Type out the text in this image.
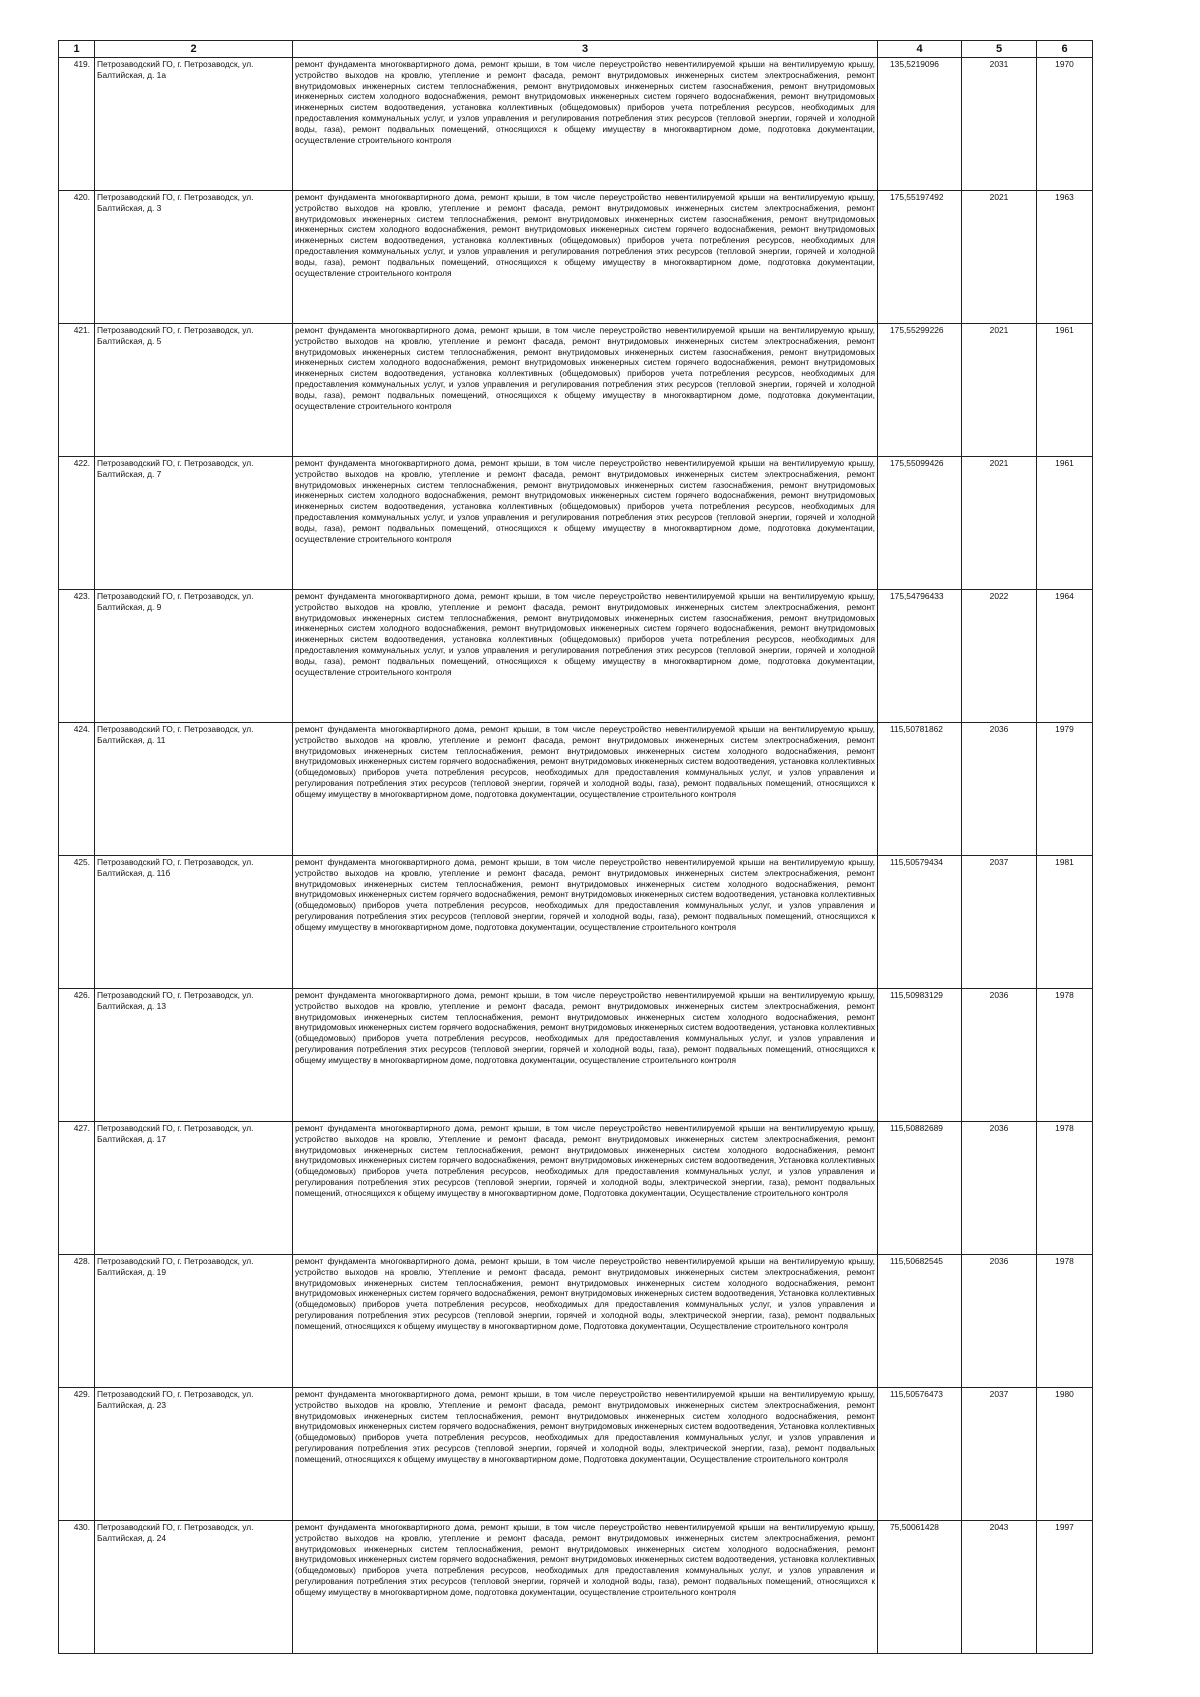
1	2	3	4	5	6
419.	Петрозаводский ГО, г. Петрозаводск, ул. Балтийская, д. 1а	ремонт фундамента многоквартирного дома, ремонт крыши, в том числе переустройство невентилируемой крыши на вентилируемую крышу, устройство выходов на кровлю, утепление и ремонт фасада, ремонт внутридомовых инженерных систем электроснабжения, ремонт внутридомовых инженерных систем теплоснабжения, ремонт внутридомовых инженерных систем газоснабжения, ремонт внутридомовых инженерных систем холодного водоснабжения, ремонт внутридомовых инженерных систем горячего водоснабжения, ремонт внутридомовых инженерных систем водоотведения, установка коллективных (общедомовых) приборов учета потребления ресурсов, необходимых для предоставления коммунальных услуг, и узлов управления и регулирования потребления этих ресурсов (тепловой энергии, горячей и холодной воды, газа), ремонт подвальных помещений, относящихся к общему имуществу в многоквартирном доме, подготовка документации, осуществление строительного контроля	135,5219096	2031	1970
420.	Петрозаводский ГО, г. Петрозаводск, ул. Балтийская, д. 3	ремонт фундамента многоквартирного дома, ремонт крыши, в том числе переустройство невентилируемой крыши на вентилируемую крышу, устройство выходов на кровлю, утепление и ремонт фасада, ремонт внутридомовых инженерных систем электроснабжения, ремонт внутридомовых инженерных систем теплоснабжения, ремонт внутридомовых инженерных систем газоснабжения, ремонт внутридомовых инженерных систем холодного водоснабжения, ремонт внутридомовых инженерных систем горячего водоснабжения, ремонт внутридомовых инженерных систем водоотведения, установка коллективных (общедомовых) приборов учета потребления ресурсов, необходимых для предоставления коммунальных услуг, и узлов управления и регулирования потребления этих ресурсов (тепловой энергии, горячей и холодной воды, газа), ремонт подвальных помещений, относящихся к общему имуществу в многоквартирном доме, подготовка документации, осуществление строительного контроля	175,55197492	2021	1963
421.	Петрозаводский ГО, г. Петрозаводск, ул. Балтийская, д. 5	ремонт фундамента многоквартирного дома, ремонт крыши, в том числе переустройство невентилируемой крыши на вентилируемую крышу, устройство выходов на кровлю, утепление и ремонт фасада, ремонт внутридомовых инженерных систем электроснабжения, ремонт внутридомовых инженерных систем теплоснабжения, ремонт внутридомовых инженерных систем газоснабжения, ремонт внутридомовых инженерных систем холодного водоснабжения, ремонт внутридомовых инженерных систем горячего водоснабжения, ремонт внутридомовых инженерных систем водоотведения, установка коллективных (общедомовых) приборов учета потребления ресурсов, необходимых для предоставления коммунальных услуг, и узлов управления и регулирования потребления этих ресурсов (тепловой энергии, горячей и холодной воды, газа), ремонт подвальных помещений, относящихся к общему имуществу в многоквартирном доме, подготовка документации, осуществление строительного контроля	175,55299226	2021	1961
422.	Петрозаводский ГО, г. Петрозаводск, ул. Балтийская, д. 7	ремонт фундамента многоквартирного дома, ремонт крыши, в том числе переустройство невентилируемой крыши на вентилируемую крышу, устройство выходов на кровлю, утепление и ремонт фасада, ремонт внутридомовых инженерных систем электроснабжения, ремонт внутридомовых инженерных систем теплоснабжения, ремонт внутридомовых инженерных систем газоснабжения, ремонт внутридомовых инженерных систем холодного водоснабжения, ремонт внутридомовых инженерных систем горячего водоснабжения, ремонт внутридомовых инженерных систем водоотведения, установка коллективных (общедомовых) приборов учета потребления ресурсов, необходимых для предоставления коммунальных услуг, и узлов управления и регулирования потребления этих ресурсов (тепловой энергии, горячей и холодной воды, газа), ремонт подвальных помещений, относящихся к общему имуществу в многоквартирном доме, подготовка документации, осуществление строительного контроля	175,55099426	2021	1961
423.	Петрозаводский ГО, г. Петрозаводск, ул. Балтийская, д. 9	ремонт фундамента многоквартирного дома, ремонт крыши, в том числе переустройство невентилируемой крыши на вентилируемую крышу, устройство выходов на кровлю, утепление и ремонт фасада, ремонт внутридомовых инженерных систем электроснабжения, ремонт внутридомовых инженерных систем теплоснабжения, ремонт внутридомовых инженерных систем газоснабжения, ремонт внутридомовых инженерных систем холодного водоснабжения, ремонт внутридомовых инженерных систем горячего водоснабжения, ремонт внутридомовых инженерных систем водоотведения, установка коллективных (общедомовых) приборов учета потребления ресурсов, необходимых для предоставления коммунальных услуг, и узлов управления и регулирования потребления этих ресурсов (тепловой энергии, горячей и холодной воды, газа), ремонт подвальных помещений, относящихся к общему имуществу в многоквартирном доме, подготовка документации, осуществление строительного контроля	175,54796433	2022	1964
424.	Петрозаводский ГО, г. Петрозаводск, ул. Балтийская, д. 11	ремонт фундамента многоквартирного дома, ремонт крыши, в том числе переустройство невентилируемой крыши на вентилируемую крышу, устройство выходов на кровлю, утепление и ремонт фасада, ремонт внутридомовых инженерных систем электроснабжения, ремонт внутридомовых инженерных систем теплоснабжения, ремонт внутридомовых инженерных систем холодного водоснабжения, ремонт внутридомовых инженерных систем горячего водоснабжения, ремонт внутридомовых инженерных систем водоотведения, установка коллективных (общедомовых) приборов учета потребления ресурсов, необходимых для предоставления коммунальных услуг, и узлов управления и регулирования потребления этих ресурсов (тепловой энергии, горячей и холодной воды, газа), ремонт подвальных помещений, относящихся к общему имуществу в многоквартирном доме, подготовка документации, осуществление строительного контроля	115,50781862	2036	1979
425.	Петрозаводский ГО, г. Петрозаводск, ул. Балтийская, д. 11б	ремонт фундамента многоквартирного дома, ремонт крыши, в том числе переустройство невентилируемой крыши на вентилируемую крышу, устройство выходов на кровлю, утепление и ремонт фасада, ремонт внутридомовых инженерных систем электроснабжения, ремонт внутридомовых инженерных систем теплоснабжения, ремонт внутридомовых инженерных систем холодного водоснабжения, ремонт внутридомовых инженерных систем горячего водоснабжения, ремонт внутридомовых инженерных систем водоотведения, установка коллективных (общедомовых) приборов учета потребления ресурсов, необходимых для предоставления коммунальных услуг, и узлов управления и регулирования потребления этих ресурсов (тепловой энергии, горячей и холодной воды, газа), ремонт подвальных помещений, относящихся к общему имуществу в многоквартирном доме, подготовка документации, осуществление строительного контроля	115,50579434	2037	1981
426.	Петрозаводский ГО, г. Петрозаводск, ул. Балтийская, д. 13	ремонт фундамента многоквартирного дома, ремонт крыши, в том числе переустройство невентилируемой крыши на вентилируемую крышу, устройство выходов на кровлю, утепление и ремонт фасада, ремонт внутридомовых инженерных систем электроснабжения, ремонт внутридомовых инженерных систем теплоснабжения, ремонт внутридомовых инженерных систем холодного водоснабжения, ремонт внутридомовых инженерных систем горячего водоснабжения, ремонт внутридомовых инженерных систем водоотведения, установка коллективных (общедомовых) приборов учета потребления ресурсов, необходимых для предоставления коммунальных услуг, и узлов управления и регулирования потребления этих ресурсов (тепловой энергии, горячей и холодной воды, газа), ремонт подвальных помещений, относящихся к общему имуществу в многоквартирном доме, подготовка документации, осуществление строительного контроля	115,50983129	2036	1978
427.	Петрозаводский ГО, г. Петрозаводск, ул. Балтийская, д. 17	ремонт фундамента многоквартирного дома, ремонт крыши, в том числе переустройство невентилируемой крыши на вентилируемую крышу, устройство выходов на кровлю, Утепление и ремонт фасада, ремонт внутридомовых инженерных систем электроснабжения, ремонт внутридомовых инженерных систем теплоснабжения, ремонт внутридомовых инженерных систем холодного водоснабжения, ремонт внутридомовых инженерных систем горячего водоснабжения, ремонт внутридомовых инженерных систем водоотведения, Установка коллективных (общедомовых) приборов учета потребления ресурсов, необходимых для предоставления коммунальных услуг, и узлов управления и регулирования потребления этих ресурсов (тепловой энергии, горячей и холодной воды, электрической энергии, газа), ремонт подвальных помещений, относящихся к общему имуществу в многоквартирном доме, Подготовка документации, Осуществление строительного контроля	115,50882689	2036	1978
428.	Петрозаводский ГО, г. Петрозаводск, ул. Балтийская, д. 19	ремонт фундамента многоквартирного дома, ремонт крыши, в том числе переустройство невентилируемой крыши на вентилируемую крышу, устройство выходов на кровлю, Утепление и ремонт фасада, ремонт внутридомовых инженерных систем электроснабжения, ремонт внутридомовых инженерных систем теплоснабжения, ремонт внутридомовых инженерных систем холодного водоснабжения, ремонт внутридомовых инженерных систем горячего водоснабжения, ремонт внутридомовых инженерных систем водоотведения, Установка коллективных (общедомовых) приборов учета потребления ресурсов, необходимых для предоставления коммунальных услуг, и узлов управления и регулирования потребления этих ресурсов (тепловой энергии, горячей и холодной воды, электрической энергии, газа), ремонт подвальных помещений, относящихся к общему имуществу в многоквартирном доме, Подготовка документации, Осуществление строительного контроля	115,50682545	2036	1978
429.	Петрозаводский ГО, г. Петрозаводск, ул. Балтийская, д. 23	ремонт фундамента многоквартирного дома, ремонт крыши, в том числе переустройство невентилируемой крыши на вентилируемую крышу, устройство выходов на кровлю, Утепление и ремонт фасада, ремонт внутридомовых инженерных систем электроснабжения, ремонт внутридомовых инженерных систем теплоснабжения, ремонт внутридомовых инженерных систем холодного водоснабжения, ремонт внутридомовых инженерных систем горячего водоснабжения, ремонт внутридомовых инженерных систем водоотведения, Установка коллективных (общедомовых) приборов учета потребления ресурсов, необходимых для предоставления коммунальных услуг, и узлов управления и регулирования потребления этих ресурсов (тепловой энергии, горячей и холодной воды, электрической энергии, газа), ремонт подвальных помещений, относящихся к общему имуществу в многоквартирном доме, Подготовка документации, Осуществление строительного контроля	115,50576473	2037	1980
430.	Петрозаводский ГО, г. Петрозаводск, ул. Балтийская, д. 24	ремонт фундамента многоквартирного дома, ремонт крыши, в том числе переустройство невентилируемой крыши на вентилируемую крышу, устройство выходов на кровлю, утепление и ремонт фасада, ремонт внутридомовых инженерных систем электроснабжения, ремонт внутридомовых инженерных систем теплоснабжения, ремонт внутридомовых инженерных систем холодного водоснабжения, ремонт внутридомовых инженерных систем горячего водоснабжения, ремонт внутридомовых инженерных систем водоотведения, установка коллективных (общедомовых) приборов учета потребления ресурсов, необходимых для предоставления коммунальных услуг, и узлов управления и регулирования потребления этих ресурсов (тепловой энергии, горячей и холодной воды, газа), ремонт подвальных помещений, относящихся к общему имуществу в многоквартирном доме, подготовка документации, осуществление строительного контроля	75,50061428	2043	1997
